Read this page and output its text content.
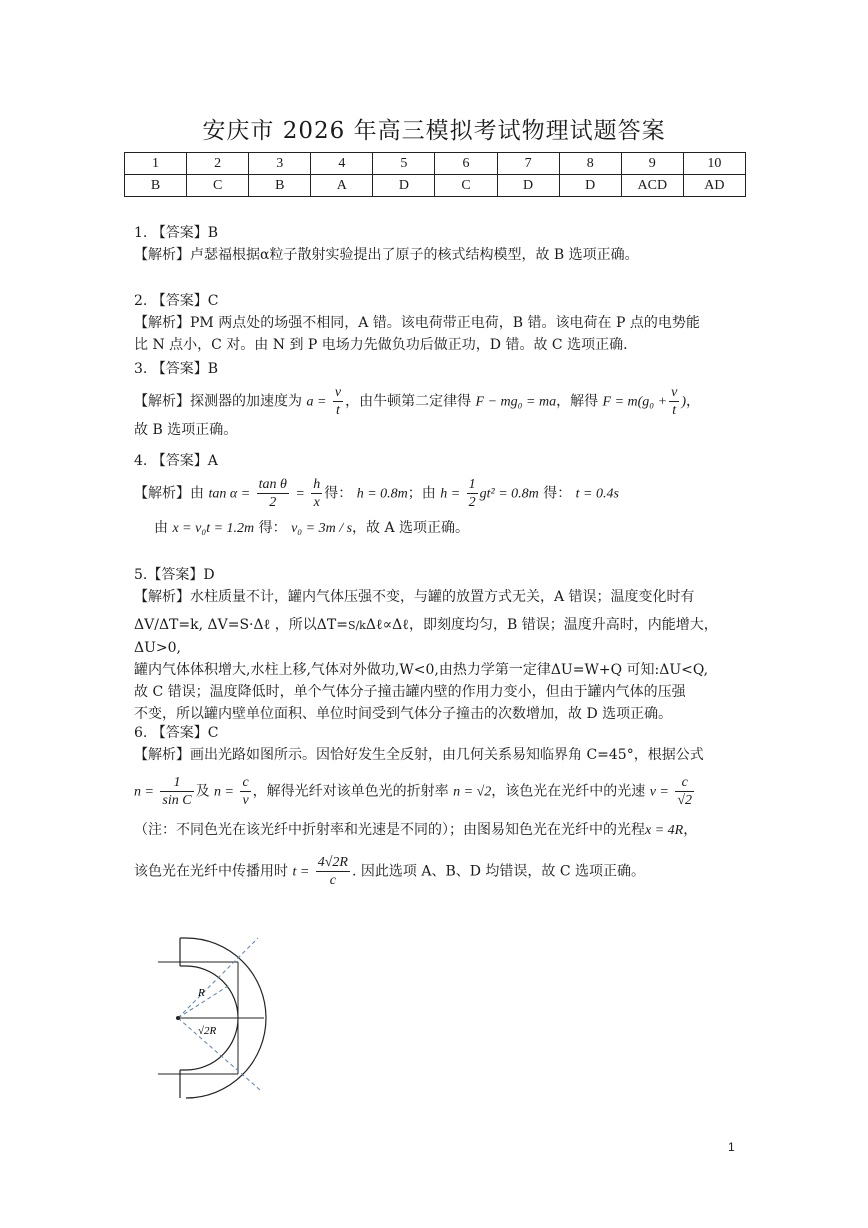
安庆市 2026 年高三模拟考试物理试题答案
1	2	3	4	5	6	7	8	9	10
B	C	B	A	D	C	D	D	ACD	AD

1. 【答案】B

【解析】卢瑟福根据α粒子散射实验提出了原子的核式结构模型，故 B 选项正确。

2. 【答案】C

【解析】PM 两点处的场强不相同，A 错。该电荷带正电荷，B 错。该电荷在 P 点的电势能

比 N 点小，C 对。由 N 到 P 电场力先做负功后做正功，D 错。故 C 选项正确.

3. 【答案】B

【解析】探测器的加速度为 $a = \frac{v}{t}$ ，由牛顿第二定律得 F − mg₀ = ma，解得 $F = m(g_0 + \frac{v}{t}$ )，

故 B 选项正确。

4. 【答案】A

【解析】由 $\tan \alpha = \frac{\text{tan θ}}{2} = \frac{h}{x}$ 得： h = 0.8m；由 $h = \frac{1}{2} gt^2 = 0.8m$ 得： t = 0.4s

由 x = v₀t = 1.2m 得： v₀ = 3m / s，故 A 选项正确。

5.【答案】D

【解析】水柱质量不计，罐内气体压强不变，与罐的放置方式无关，A 错误；温度变化时有

ΔV/ΔT=k, ΔV=S·Δℓ ，所以ΔT=S/kΔℓ∝Δℓ，即刻度均匀，B 错误；温度升高时，内能增大，ΔU>0,

罐内气体体积增大,水柱上移,气体对外做功,W<0,由热力学第一定律ΔU=W+Q 可知:ΔU<Q,

故 C 错误；温度降低时，单个气体分子撞击罐内壁的作用力变小，但由于罐内气体的压强

不变，所以罐内壁单位面积、单位时间受到气体分子撞击的次数增加，故 D 选项正确。

6. 【答案】C

【解析】画出光路如图所示。因恰好发生全反射，由几何关系易知临界角 C=45°，根据公式

$n = \frac{1}{\text{sin C}}$ 及 $n = \frac{c}{v}$ ，解得光纤对该单色光的折射率 n = √2，该色光在光纤中的光速 $v = \frac{c}{√2}$

（注：不同色光在该光纤中折射率和光速是不同的）；由图易知色光在光纤中的光程x = 4R，

该色光在光纤中传播用时 $t = \frac{4√2R}{c}$ . 因此选项 A、B、D 均错误，故 C 选项正确。

R
√2R
1
